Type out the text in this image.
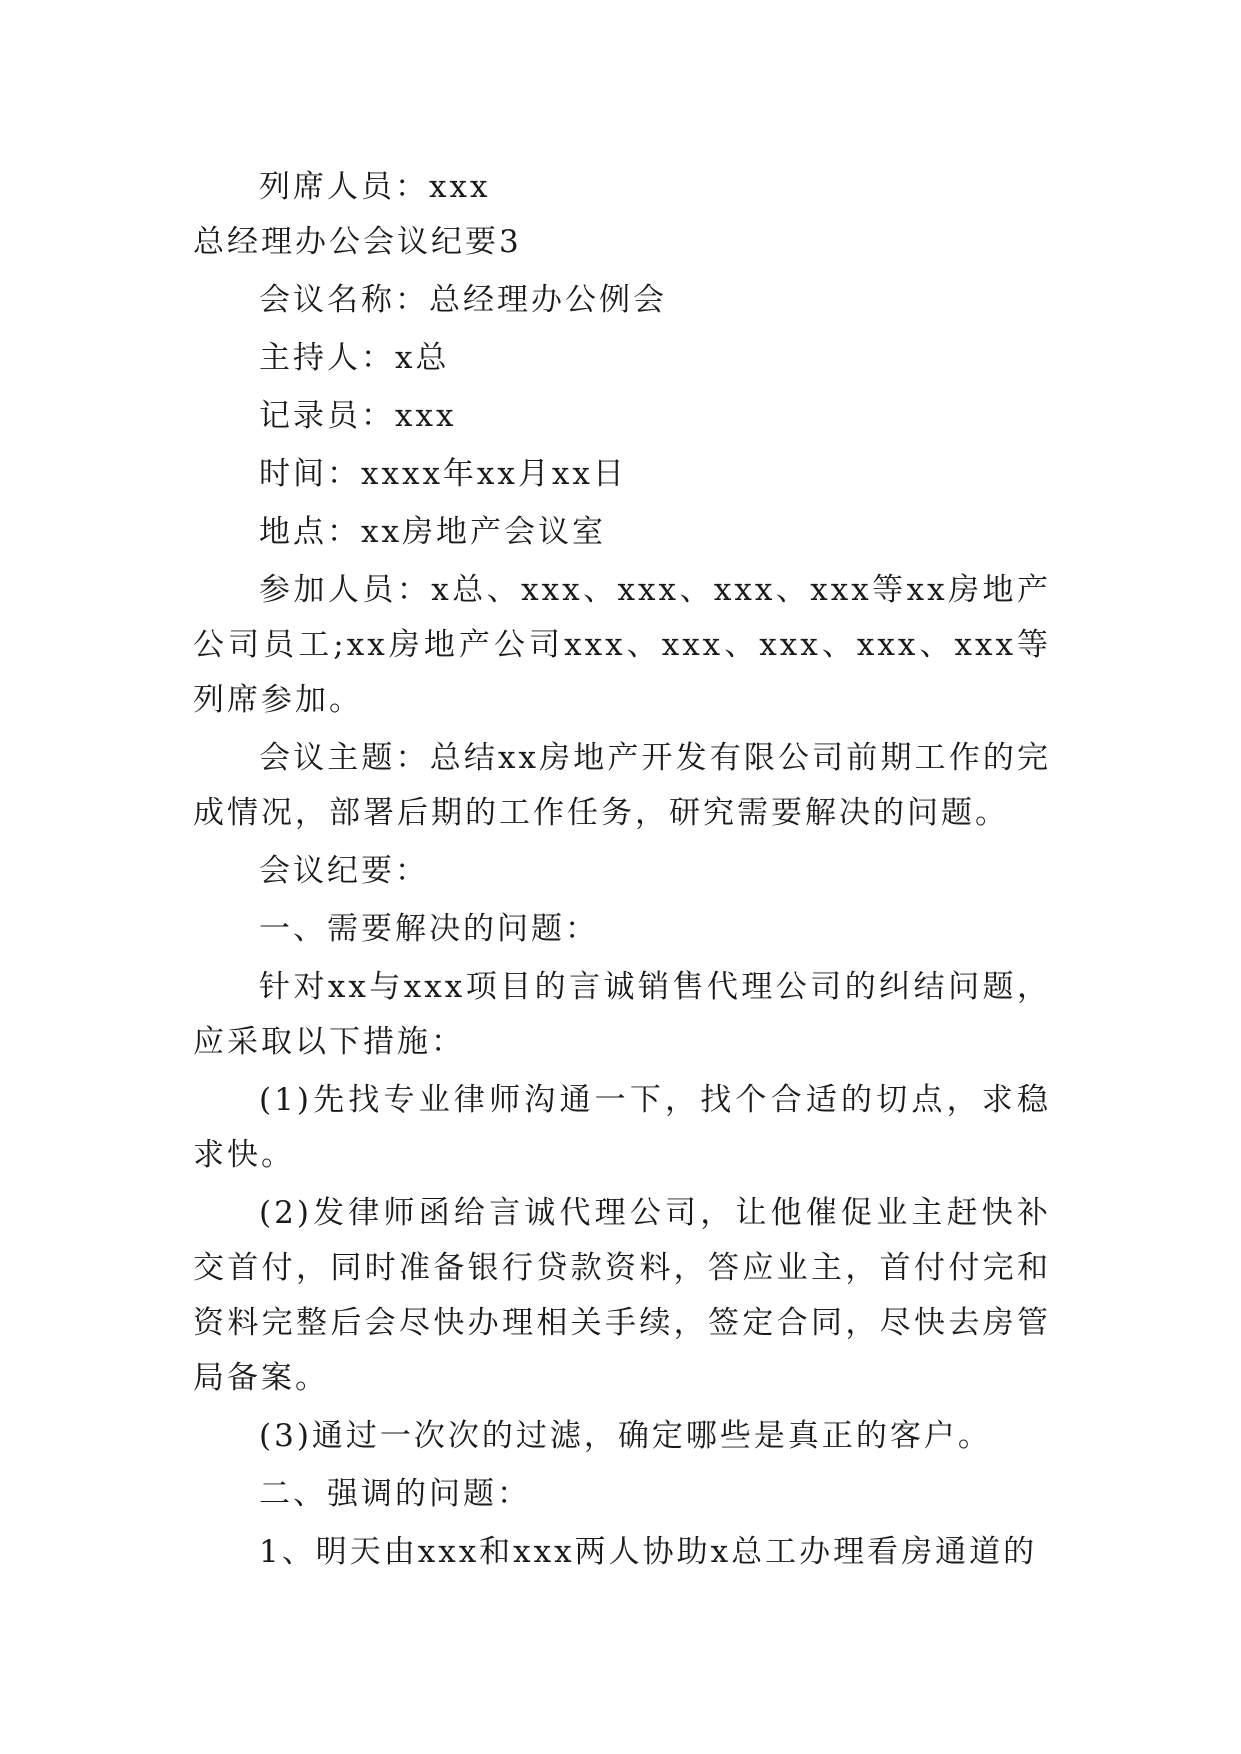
列席人员：xxx

总经理办公会议纪要3

会议名称：总经理办公例会

主持人：x总

记录员：xxx

时间：xxxx年xx月xx日

地点：xx房地产会议室

参加人员：x总、xxx、xxx、xxx、xxx等xx房地产公司员工;xx房地产公司xxx、xxx、xxx、xxx、xxx等列席参加。

会议主题：总结xx房地产开发有限公司前期工作的完成情况，部署后期的工作任务，研究需要解决的问题。

会议纪要：

一、需要解决的问题：

针对xx与xxx项目的言诚销售代理公司的纠结问题，应采取以下措施：

(1)先找专业律师沟通一下，找个合适的切点，求稳求快。

(2)发律师函给言诚代理公司，让他催促业主赶快补交首付，同时准备银行贷款资料，答应业主，首付付完和资料完整后会尽快办理相关手续，签定合同，尽快去房管局备案。

(3)通过一次次的过滤，确定哪些是真正的客户。

二、强调的问题：

1、明天由xxx和xxx两人协助x总工办理看房通道的
